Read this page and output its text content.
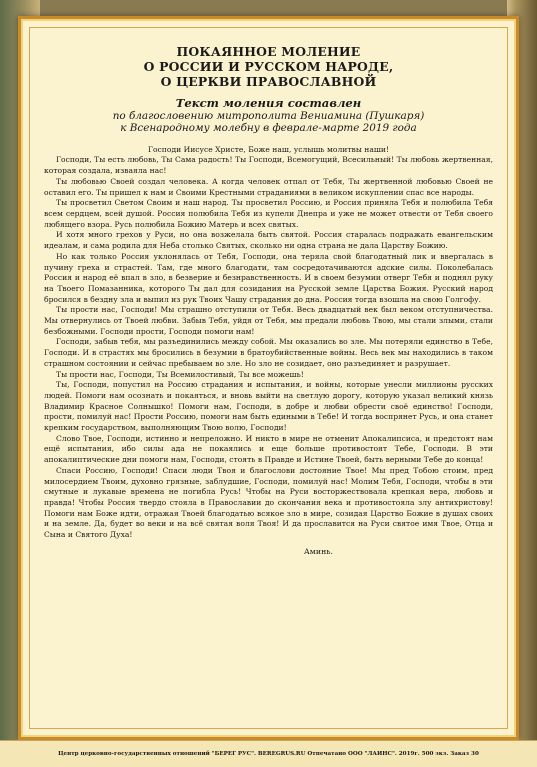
ПОКАЯННОЕ МОЛЕНИЕ
О РОССИИ И РУССКОМ НАРОДЕ,
О ЦЕРКВИ ПРАВОСЛАВНОЙ
Текст моления составлен
по благословению митрополита Вениамина (Пушкаря)
к Всенародному молебну в феврале-марте 2019 года

Господи Иисусе Христе, Боже наш, услышь молитвы наши!

Господи, Ты есть любовь, Ты Сама радость! Ты Господи, Всемогущий, Всесильный! Ты любовь жертвенная, которая создала, изваяла нас!

Ты любовью Своей создал человека. А когда человек отпал от Тебя, Ты жертвенной любовью Своей не оставил его. Ты пришел к нам и Своими Крестными страданиями в великом искуплении спас все народы.

Ты просветил Светом Своим и наш народ. Ты просветил Россию, и Россия приняла Тебя и полюбила Тебя всем сердцем, всей душой. Россия полюбила Тебя из купели Днепра и уже не может отвести от Тебя своего любящего взора. Русь полюбила Божию Матерь и всех святых.

И хотя много грехов у Руси, но она возжелала быть святой. Россия старалась подражать евангельским идеалам, и сама родила для Неба столько Святых, сколько ни одна страна не дала Царству Божию.

Но как только Россия уклонялась от Тебя, Господи, она теряла свой благодатный лик и ввергалась в пучину греха и страстей. Там, где много благодати, там сосредотачиваются адские силы. Поколебалась Россия и народ её впал в зло, в безверие и безнравственность. И в своем безумии отверг Тебя и поднял руку на Твоего Помазанника, которого Ты дал для созидания на Русской земле Царства Божия. Русский народ бросился в бездну зла и выпил из рук Твоих Чашу страдания до дна. Россия тогда взошла на свою Голгофу.

Ты прости нас, Господи! Мы страшно отступили от Тебя. Весь двадцатый век был веком отступничества. Мы отвернулись от Твоей любви. Забыв Тебя, уйдя от Тебя, мы предали любовь Твою, мы стали злыми, стали безбожными. Господи прости, Господи помоги нам!

Господи, забыв тебя, мы разъединились между собой. Мы оказались во зле. Мы потеряли единство в Тебе, Господи. И в страстях мы бросились в безумии в братоубийственные войны. Весь век мы находились в таком страшном состоянии и сейчас пребываем во зле. Но зло не созидает, оно разъединяет и разрушает.

Ты прости нас, Господи, Ты Всемилостивый, Ты все можешь!

Ты, Господи, попустил на Россию страдания и испытания, и войны, которые унесли миллионы русских людей. Помоги нам осознать и покаяться, и вновь выйти на светлую дорогу, которую указал великий князь Владимир Красное Солнышко! Помоги нам, Господи, в добре и любви обрести своё единство! Господи, прости, помилуй нас! Прости Россию, помоги нам быть едиными в Тебе! И тогда воспрянет Русь, и она станет крепким государством, выполняющим Твою волю, Господи!

Слово Твое, Господи, истинно и непреложно. И никто в мире не отменит Апокалипсиса, и предстоят нам ещё испытания, ибо силы ада не покаялись и еще больше противостоят Тебе, Господи. В эти апокалиптические дни помоги нам, Господи, стоять в Правде и Истине Твоей, быть верными Тебе до конца!

Спаси Россию, Господи! Спаси люди Твоя и благослови достояние Твое! Мы пред Тобою стоим, пред милосердием Твоим, духовно грязные, заблудшие, Господи, помилуй нас! Молим Тебя, Господи, чтобы в эти смутные и лукавые времена не погибла Русь! Чтобы на Руси восторжествовала крепкая вера, любовь и правда! Чтобы Россия твердо стояла в Православии до скончания века и противостояла злу антихристову! Помоги нам Боже идти, отражая Твоей благодатью всякое зло в мире, созидая Царство Божие в душах своих и на земле. Да, будет во веки и на всё святая воля Твоя! И да прославится на Руси святое имя Твое, Отца и Сына и Святого Духа!

Аминь.
Центр церковно-государственных отношений "БЕРЕГ РУС". BEREGRUS.RU Отпечатано ООО "ЛАИНС". 2019г. 500 экз. Заказ 30
